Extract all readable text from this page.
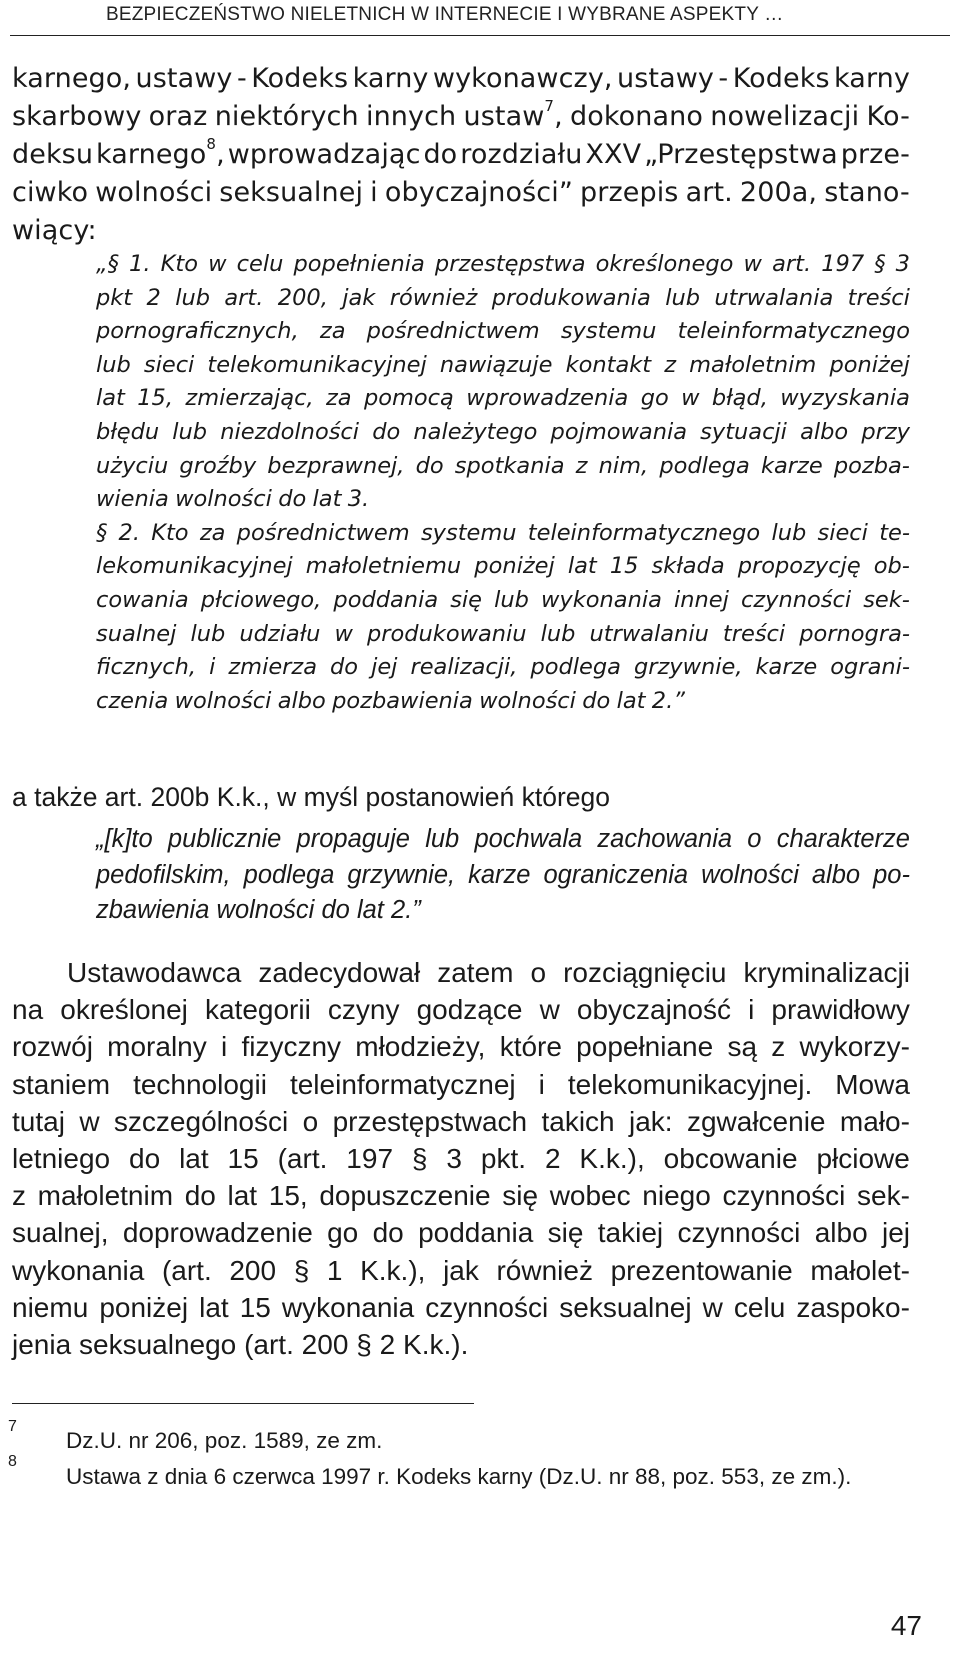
BEZPIECZEŃSTWO NIELETNICH W INTERNECIE I WYBRANE ASPEKTY …
karnego, ustawy - Kodeks karny wykonawczy, ustawy - Kodeks karny
skarbowy oraz niektórych innych ustaw$^7$, dokonano nowelizacji Ko-
deksu karnego$^8$, wprowadzając do rozdziału XXV „Przestępstwa prze-
ciwko wolności seksualnej i obyczajności” przepis art. 200a, stano-
wiący:
„§ 1. Kto w celu popełnienia przestępstwa określonego w art. 197 § 3
pkt 2 lub art. 200, jak również produkowania lub utrwalania treści
pornograficznych, za pośrednictwem systemu teleinformatycznego
lub sieci telekomunikacyjnej nawiązuje kontakt z małoletnim poniżej
lat 15, zmierzając, za pomocą wprowadzenia go w błąd, wyzyskania
błędu lub niezdolności do należytego pojmowania sytuacji albo przy
użyciu groźby bezprawnej, do spotkania z nim, podlega karze pozba-
wienia wolności do lat 3.
§ 2. Kto za pośrednictwem systemu teleinformatycznego lub sieci te-
lekomunikacyjnej małoletniemu poniżej lat 15 składa propozycję ob-
cowania płciowego, poddania się lub wykonania innej czynności sek-
sualnej lub udziału w produkowaniu lub utrwalaniu treści pornogra-
ficznych, i zmierza do jej realizacji, podlega grzywnie, karze ograni-
czenia wolności albo pozbawienia wolności do lat 2.”
a także art. 200b K.k., w myśl postanowień którego
„[k]to publicznie propaguje lub pochwala zachowania o charakterze
pedofilskim, podlega grzywnie, karze ograniczenia wolności albo po-
zbawienia wolności do lat 2.”
Ustawodawca zadecydował zatem o rozciągnięciu kryminalizacji
na określonej kategorii czyny godzące w obyczajność i prawidłowy
rozwój moralny i fizyczny młodzieży, które popełniane są z wykorzy-
staniem technologii teleinformatycznej i telekomunikacyjnej. Mowa
tutaj w szczególności o przestępstwach takich jak: zgwałcenie mało-
letniego do lat 15 (art. 197 § 3 pkt. 2 K.k.), obcowanie płciowe
z małoletnim do lat 15, dopuszczenie się wobec niego czynności sek-
sualnej, doprowadzenie go do poddania się takiej czynności albo jej
wykonania (art. 200 § 1 K.k.), jak również prezentowanie małolet-
niemu poniżej lat 15 wykonania czynności seksualnej w celu zaspoko-
jenia seksualnego (art. 200 § 2 K.k.).
7
Dz.U. nr 206, poz. 1589, ze zm.
8
Ustawa z dnia 6 czerwca 1997 r. Kodeks karny (Dz.U. nr 88, poz. 553, ze zm.).
47
